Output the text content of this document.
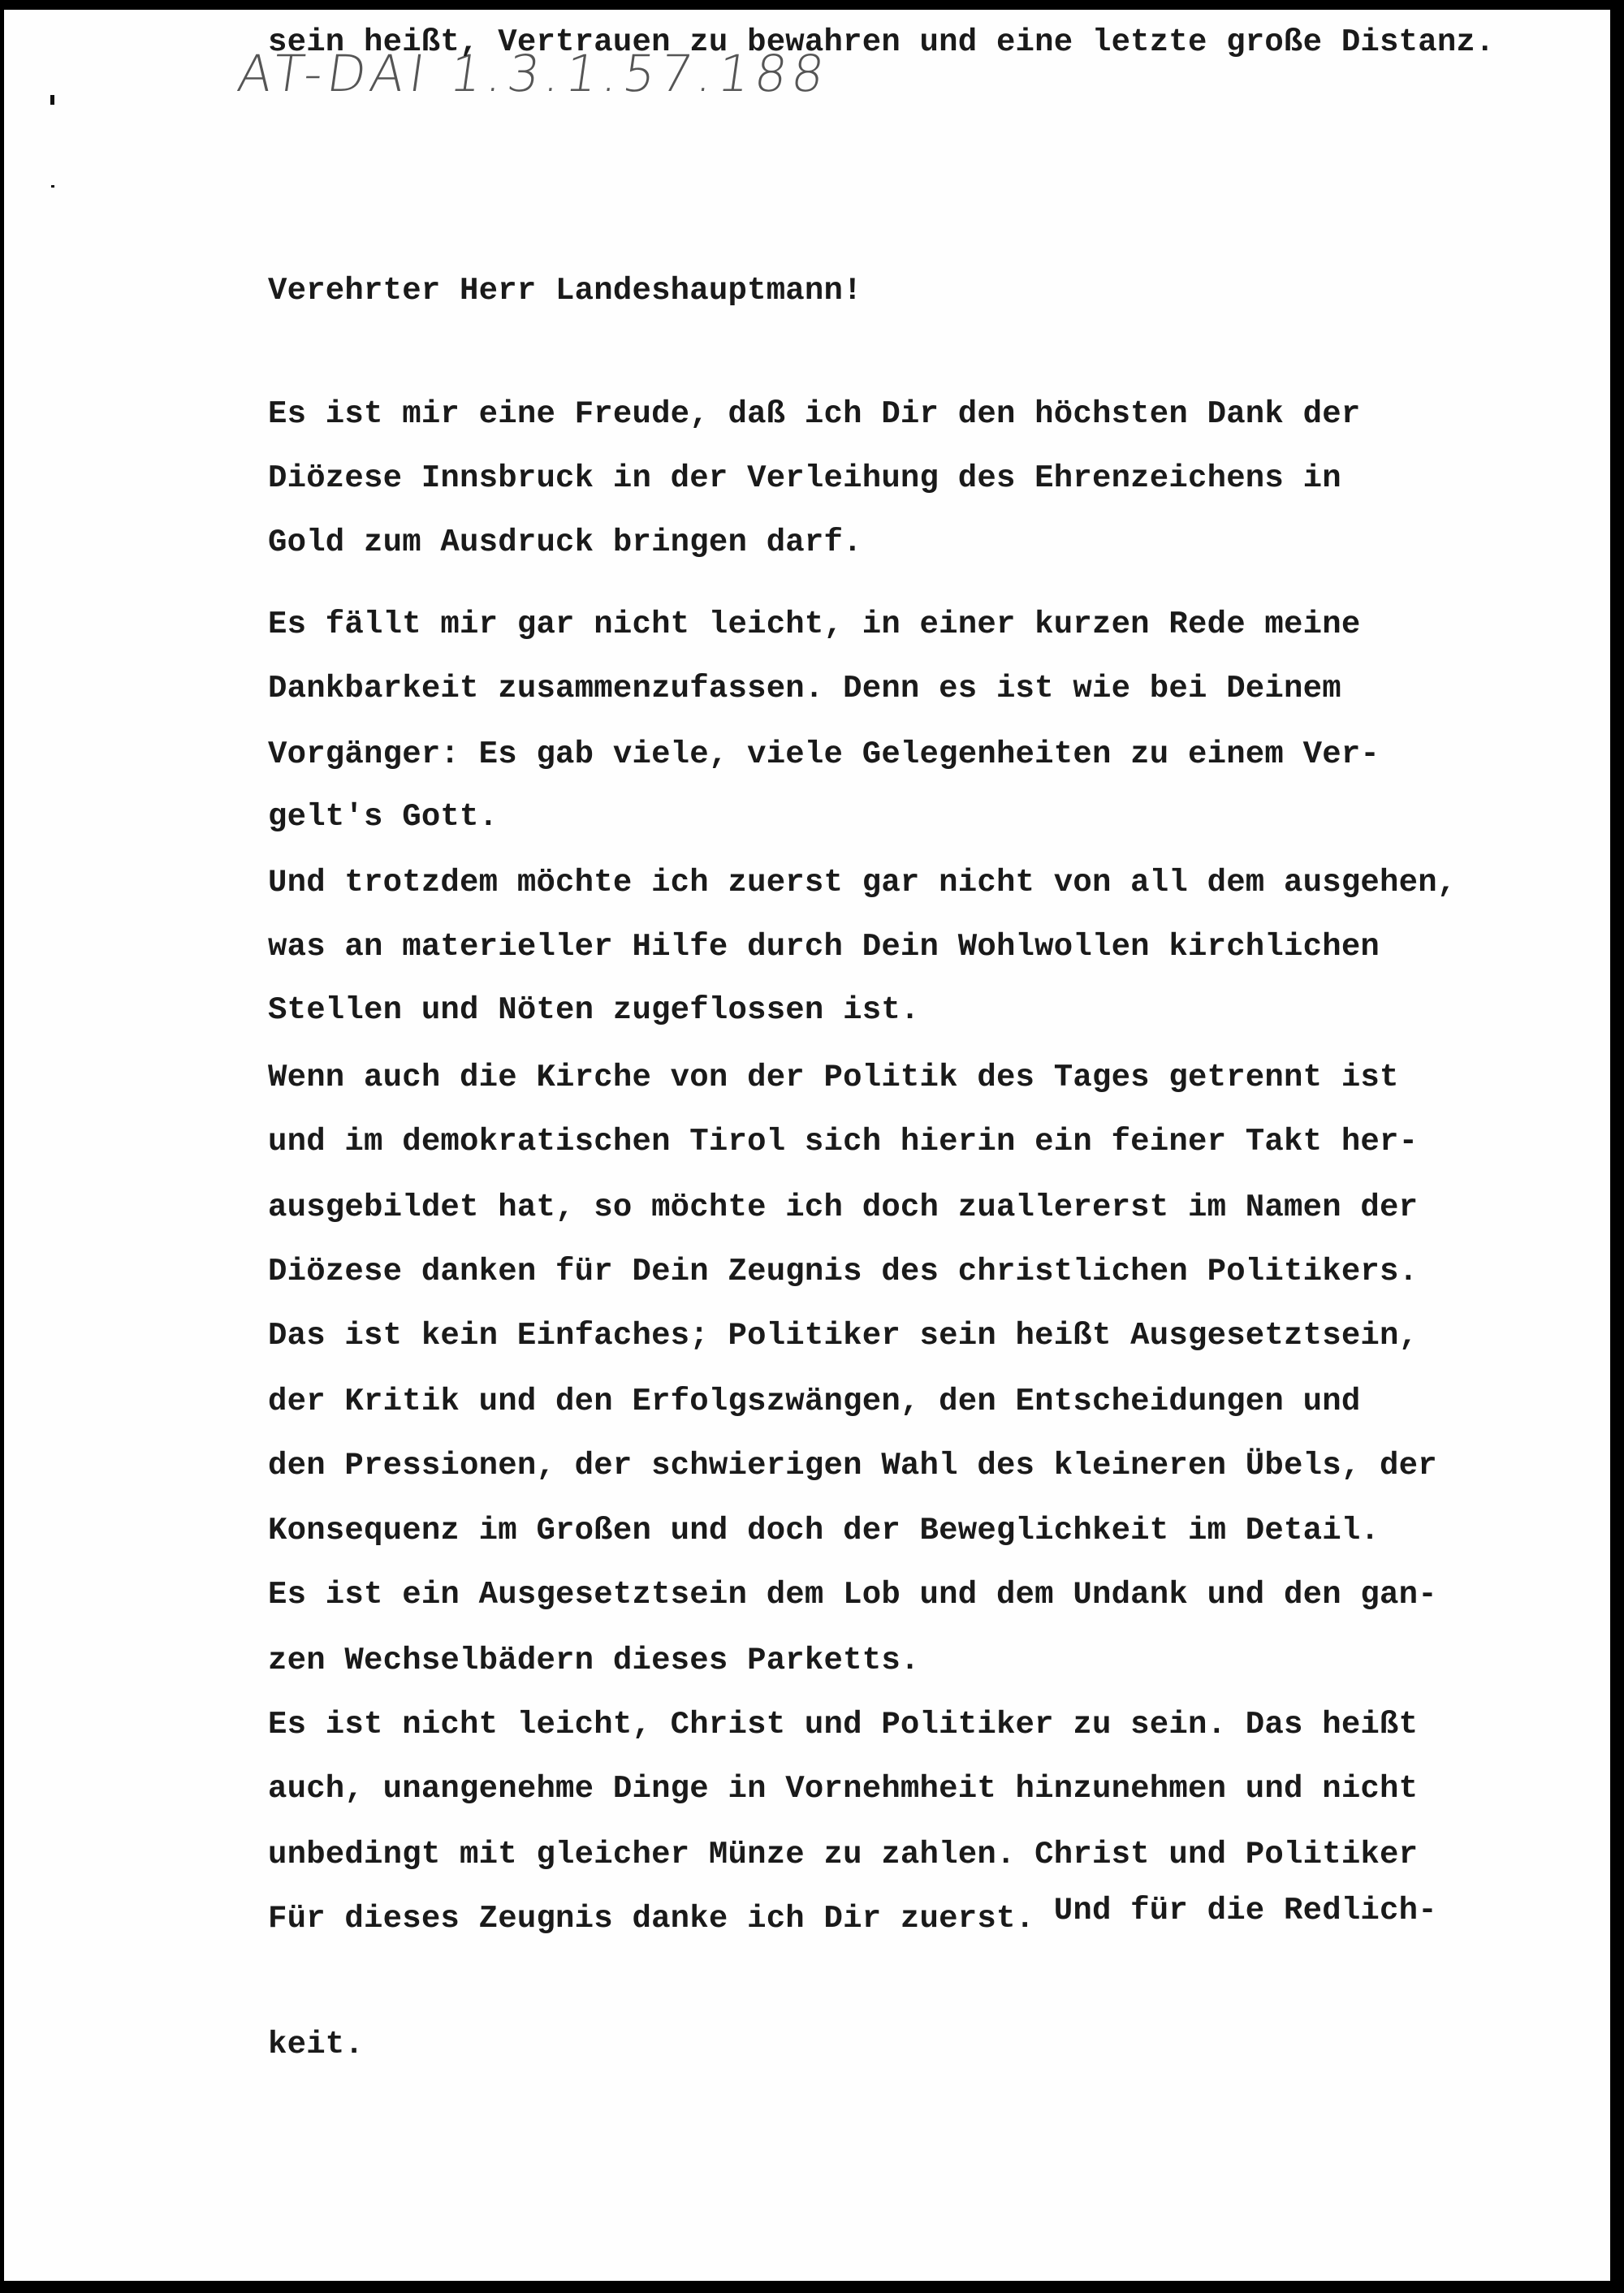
AT-DAI 1.3.1.57.188
Verehrter Herr Landeshauptmann!
Es ist mir eine Freude, daß ich Dir den höchsten Dank der
Diözese Innsbruck in der Verleihung des Ehrenzeichens in
Gold zum Ausdruck bringen darf.
Es fällt mir gar nicht leicht, in einer kurzen Rede meine
Dankbarkeit zusammenzufassen. Denn es ist wie bei Deinem
Vorgänger: Es gab viele, viele Gelegenheiten zu einem Ver-
gelt's Gott.
Und trotzdem möchte ich zuerst gar nicht von all dem ausgehen,
was an materieller Hilfe durch Dein Wohlwollen kirchlichen
Stellen und Nöten zugeflossen ist.
Wenn auch die Kirche von der Politik des Tages getrennt ist
und im demokratischen Tirol sich hierin ein feiner Takt her-
ausgebildet hat, so möchte ich doch zuallererst im Namen der
Diözese danken für Dein Zeugnis des christlichen Politikers.
Das ist kein Einfaches; Politiker sein heißt Ausgesetztsein,
der Kritik und den Erfolgszwängen, den Entscheidungen und
den Pressionen, der schwierigen Wahl des kleineren Übels, der
Konsequenz im Großen und doch der Beweglichkeit im Detail.
Es ist ein Ausgesetztsein dem Lob und dem Undank und den gan-
zen Wechselbädern dieses Parketts.
Es ist nicht leicht, Christ und Politiker zu sein. Das heißt
auch, unangenehme Dinge in Vornehmheit hinzunehmen und nicht
unbedingt mit gleicher Münze zu zahlen. Christ und Politiker
sein heißt, Vertrauen zu bewahren und eine letzte große Distanz.
Für dieses Zeugnis danke ich Dir zuerst. Und für die Redlich-
keit.
